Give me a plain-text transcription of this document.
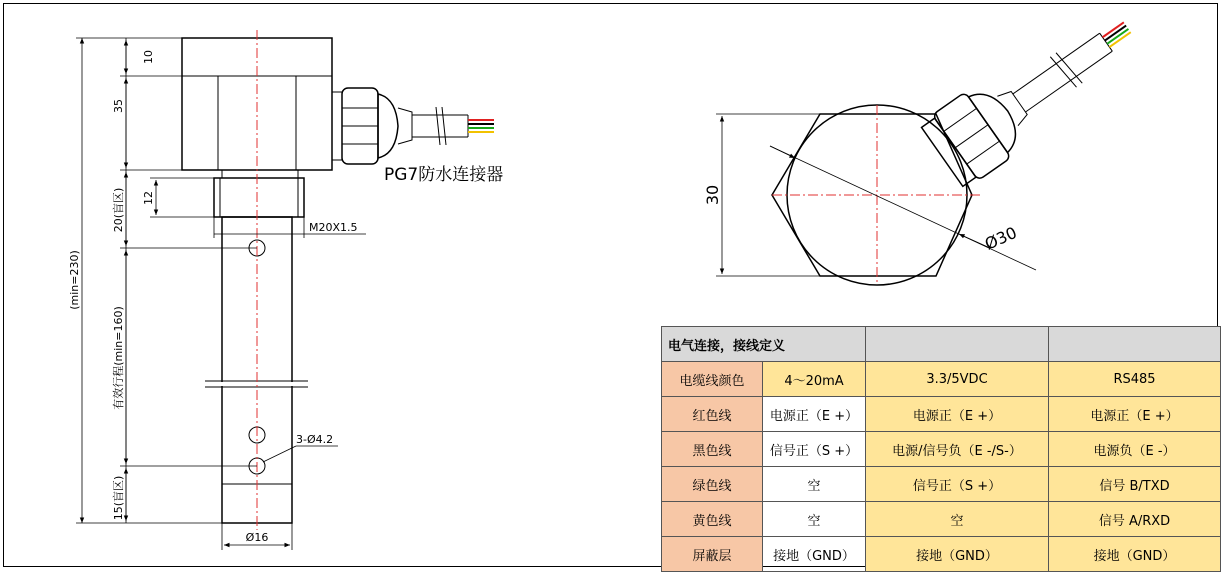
(min=230)
10
35
20(盲区)
有效行程(min=160)
15(盲区)
12
M20X1.5
3-Ø4.2
Ø16
PG7防水连接器
30
Ø30
电气连接，接线定义			
电缆线颜色	4～20mA	3.3/5VDC	RS485
红色线	电源正（E +）	电源正（E +）	电源正（E +）
黑色线	信号正（S +）	电源/信号负（E -/S-）	电源负（E -）
绿色线	空	信号正（S +）	信号 B/TXD
黄色线	空	空	信号 A/RXD
屏蔽层	接地（GND）	接地（GND）	接地（GND）
